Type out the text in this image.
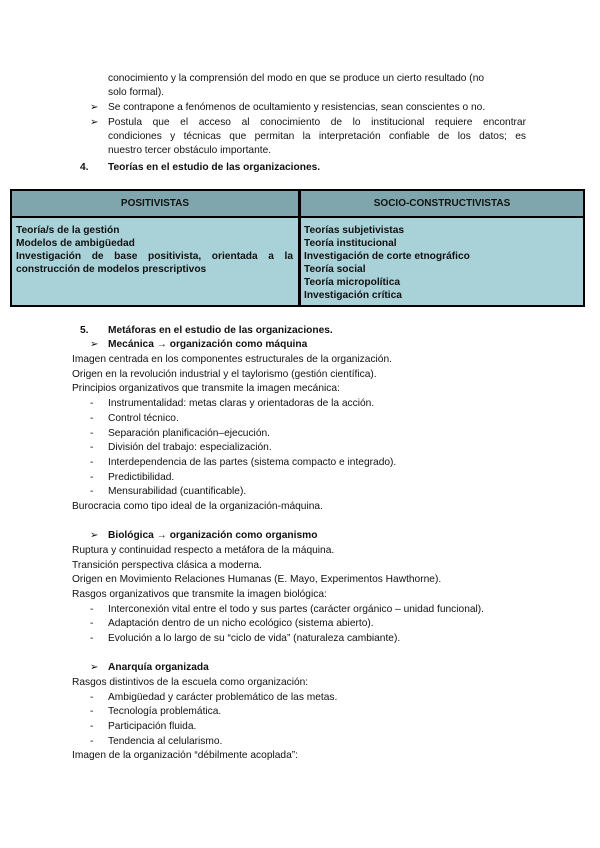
conocimiento y la comprensión del modo en que se produce un cierto resultado (no
solo formal).
➢ Se contrapone a fenómenos de ocultamiento y resistencias, sean conscientes o no.
➢ Postula que el acceso al conocimiento de lo institucional requiere encontrar
condiciones y técnicas que permitan la interpretación confiable de los datos; es
nuestro tercer obstáculo importante.
4. Teorías en el estudio de las organizaciones.
POSITIVISTAS	SOCIO-CONSTRUCTIVISTAS
Teoría/s de la gestión
Modelos de ambigüedad
Investigación de base positivista, orientada a la
construcción de modelos prescriptivos
Teorías subjetivistas
Teoría institucional
Investigación de corte etnográfico
Teoría social
Teoría micropolítica
Investigación crítica
5. Metáforas en el estudio de las organizaciones.
➢ Mecánica → organización como máquina
Imagen centrada en los componentes estructurales de la organización.
Origen en la revolución industrial y el taylorismo (gestión científica).
Principios organizativos que transmite la imagen mecánica:
- Instrumentalidad: metas claras y orientadoras de la acción.
- Control técnico.
- Separación planificación–ejecución.
- División del trabajo: especialización.
- Interdependencia de las partes (sistema compacto e integrado).
- Predictibilidad.
- Mensurabilidad (cuantificable).
Burocracia como tipo ideal de la organización-máquina.
➢ Biológica → organización como organismo
Ruptura y continuidad respecto a metáfora de la máquina.
Transición perspectiva clásica a moderna.
Origen en Movimiento Relaciones Humanas (E. Mayo, Experimentos Hawthorne).
Rasgos organizativos que transmite la imagen biológica:
- Interconexión vital entre el todo y sus partes (carácter orgánico – unidad funcional).
- Adaptación dentro de un nicho ecológico (sistema abierto).
- Evolución a lo largo de su “ciclo de vida” (naturaleza cambiante).
➢ Anarquía organizada
Rasgos distintivos de la escuela como organización:
- Ambigüedad y carácter problemático de las metas.
- Tecnología problemática.
- Participación fluida.
- Tendencia al celularismo.
Imagen de la organización “débilmente acoplada”:
